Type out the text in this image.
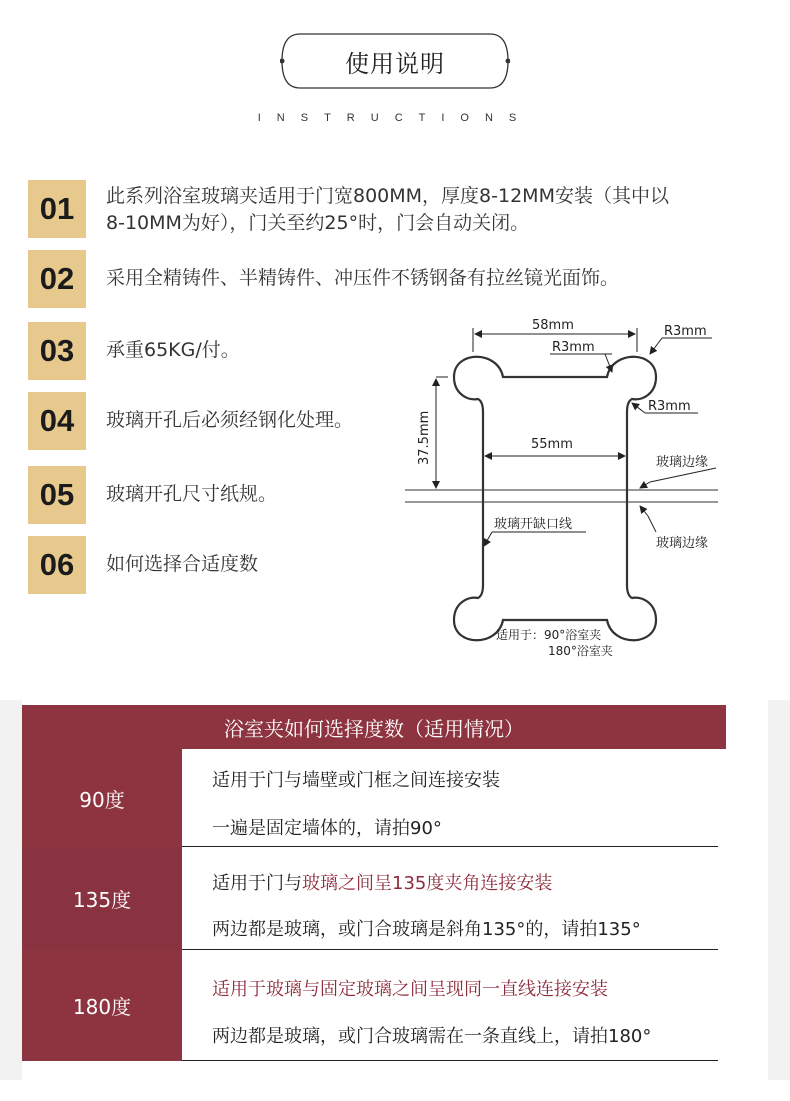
使用说明
INSTRUCTIONS
01	此系列浴室玻璃夹适用于门宽800MM，厚度8-12MM安装（其中以
8-10MM为好），门关至约25°时，门会自动关闭。
02	采用全精铸件、半精铸件、冲压件不锈钢备有拉丝镜光面饰。
03	承重65KG/付。
04	玻璃开孔后必须经钢化处理。
05	玻璃开孔尺寸纸规。
06	如何选择合适度数
58mm
R3mm
R3mm
R3mm
37.5mm	55mm
玻璃边缘
玻璃边缘
玻璃开缺口线
适用于：90°浴室夹
180°浴室夹
浴室夹如何选择度数（适用情况）
90度
适用于门与墙壁或门框之间连接安装
一遍是固定墙体的，请拍90°
135度
适用于门与玻璃之间呈135度夹角连接安装
两边都是玻璃，或门合玻璃是斜角135°的，请拍135°
180度
适用于玻璃与固定玻璃之间呈现同一直线连接安装
两边都是玻璃，或门合玻璃需在一条直线上，请拍180°
